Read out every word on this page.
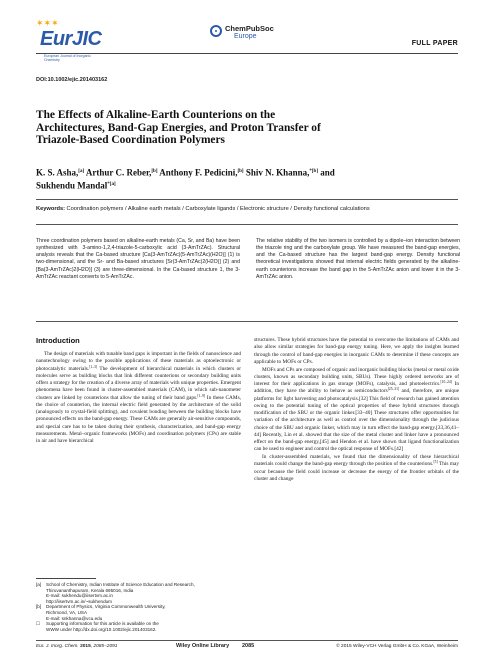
✶✶✶
EurJIC
European Journal of Inorganic Chemistry
ChemPubSoc
Europe
FULL PAPER
DOI:10.1002/ejic.201403162
The Effects of Alkaline-Earth Counterions on the Architectures, Band-Gap Energies, and Proton Transfer of Triazole-Based Coordination Polymers
K. S. Asha,[a] Arthur C. Reber,[b] Anthony F. Pedicini,[b] Shiv N. Khanna,$^{*[b]}$ and Sukhendu Mandal$^{*[a]}$
Keywords: Coordination polymers / Alkaline earth metals / Carboxylate ligands / Electronic structure / Density functional calculations
Three coordination polymers based on alkaline-earth metals (Ca, Sr, and Ba) have been synthesized with 3-amino-1,2,4-triazole-5-carboxylic acid (3-AmTrZAc). Structural analysis reveals that the Ca-based structure [Ca(3-AmTrZAc)(5-AmTrZAc)(H2O)] (1) is two-dimensional, and the Sr- and Ba-based structures [Sr(3-AmTrZAc)2(H2O)] (2) and [Ba(3-AmTrZAc)2(H2O)] (3) are three-dimensional. In the Ca-based structure 1, the 3-AmTrZAc reactant converts to 5-AmTrZAc.
The relative stability of the two isomers is controlled by a dipole–ion interaction between the triazole ring and the carboxylate group. We have measured the band-gap energies, and the Ca-based structure has the largest band-gap energy. Density functional theoretical investigations showed that internal electric fields generated by the alkaline-earth counterions increase the band gap in the 5-AmTrZAc anion and lower it in the 3-AmTrZAc anion.
Introduction

The design of materials with tunable band gaps is important in the fields of nanoscience and nanotechnology owing to the possible applications of these materials as optoelectronic or photocatalytic materials.[1–3] The development of hierarchical materials in which clusters or molecules serve as building blocks that link different counterions or secondary building units offers a strategy for the creation of a diverse array of materials with unique properties. Emergent phenomena have been found in cluster-assembled materials (CAM), in which sub-nanometer clusters are linked by counterions that allow the tuning of their band gaps.[1–9] In these CAMs, the choice of counterion, the internal electric field generated by the architecture of the solid (analogously to crystal-field splitting), and covalent bonding between the building blocks have pronounced effects on the band-gap energy. These CAMs are generally air-sensitive compounds, and special care has to be taken during their synthesis, characterization, and band-gap energy measurements. Metal–organic frameworks (MOFs) and coordination polymers (CPs) are stable in air and have hierarchical

structures. These hybrid structures have the potential to overcome the limitations of CAMs and also allow similar strategies for band-gap energy tuning. Here, we apply the insights learned through the control of band-gap energies in inorganic CAMs to determine if these concepts are applicable to MOFs or CPs.

MOFs and CPs are composed of organic and inorganic building blocks (metal or metal oxide clusters, known as secondary building units, SBUs). These highly ordered networks are of interest for their applications in gas storage (MOFs), catalysis, and photoelectrics.[10–24] In addition, they have the ability to behave as semiconductors[25–31] and, therefore, are unique platforms for light harvesting and photocatalysis.[32] This field of research has gained attention owing to the potential tuning of the optical properties of these hybrid structures through modification of the SBU or the organic linker.[33–40] These structures offer opportunities for variation of the architecture as well as control over the dimensionality through the judicious choice of the SBU and organic linker, which may in turn effect the band-gap energy.[33,36,41–44] Recently, Lin et al. showed that the size of the metal cluster and linker have a pronounced effect on the band-gap energy,[45] and Hendon et al. have shown that ligand functionalization can be used to engineer and control the optical response of MOFs.[42]

In cluster-assembled materials, we found that the dimensionality of these hierarchical materials could change the band-gap energy through the position of the counterions.[5] This may occur because the field could increase or decrease the energy of the frontier orbitals of the cluster and change

[a]	School of Chemistry, Indian Institute of Science Education and Research,
Thiruvananthapuram, Kerala 695016, India
E-mail: sukhendu@iisertvm.ac.in
http://iisertvm.ac.in/~sukhendum
[b]	Department of Physics, Virginia Commonwealth University,
Richmond, VA, USA
E-mail: snkhanna@vcu.edu
☐	Supporting information for this article is available on the
WWW under http://dx.doi.org/10.1002/ejic.201403162.
Eur. J. Inorg. Chem. 2015, 2085–2091	Wiley Online Library 2085	© 2015 Wiley-VCH Verlag GmbH & Co. KGaA, Weinheim
